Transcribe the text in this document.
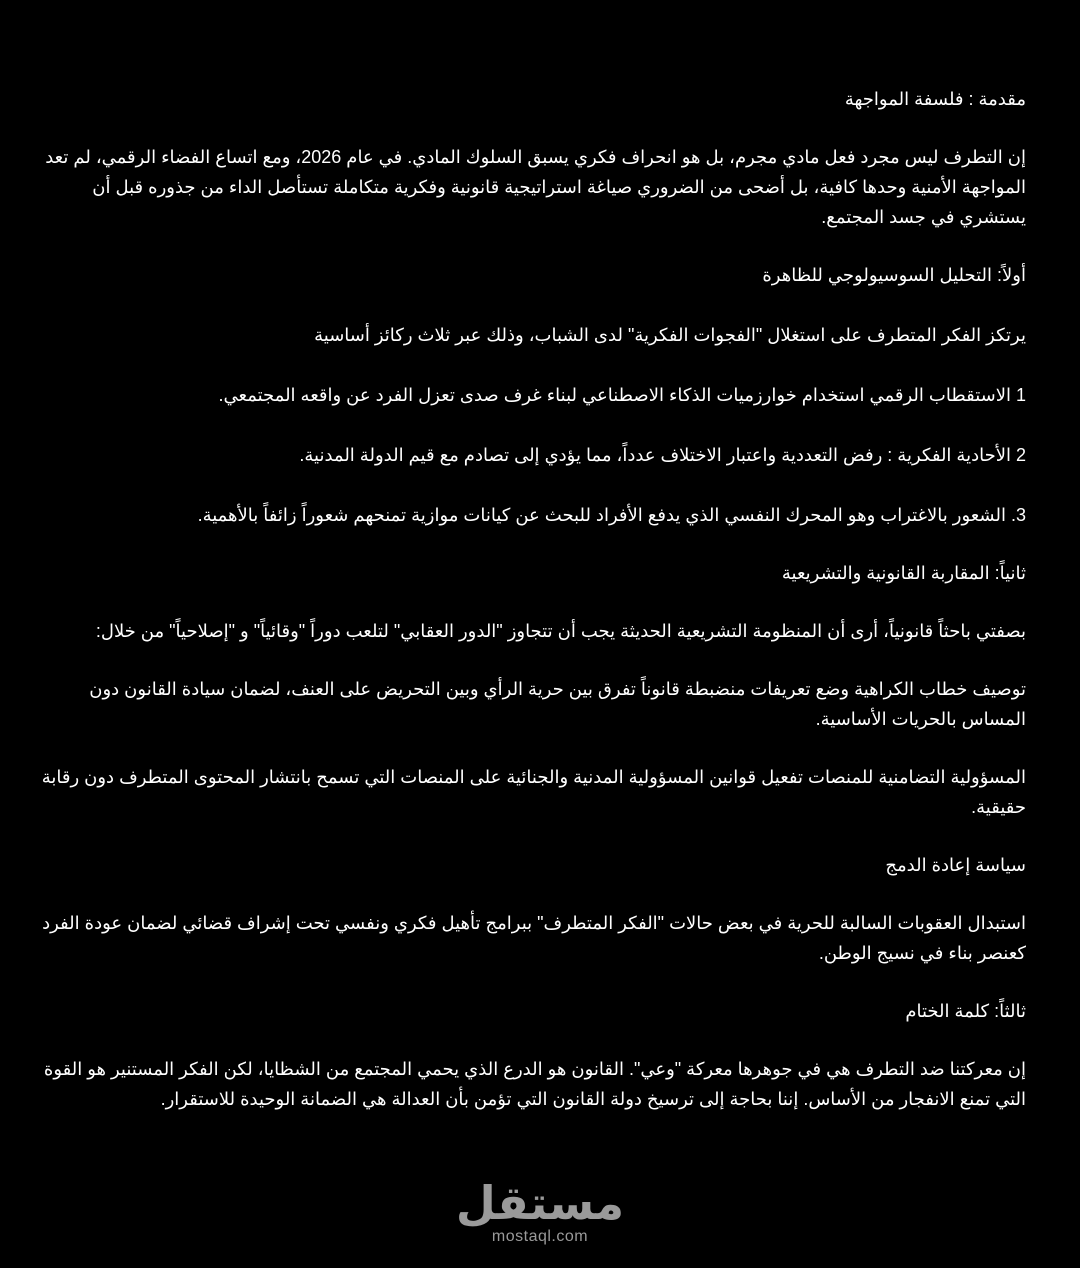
مقدمة : فلسفة المواجهة

إن التطرف ليس مجرد فعل مادي مجرم، بل هو انحراف فكري يسبق السلوك المادي. في عام 2026، ومع اتساع الفضاء الرقمي، لم تعد المواجهة الأمنية وحدها كافية، بل أضحى من الضروري صياغة استراتيجية قانونية وفكرية متكاملة تستأصل الداء من جذوره قبل أن يستشري في جسد المجتمع.

أولاً: التحليل السوسيولوجي للظاهرة

يرتكز الفكر المتطرف على استغلال "الفجوات الفكرية" لدى الشباب، وذلك عبر ثلاث ركائز أساسية

1 الاستقطاب الرقمي استخدام خوارزميات الذكاء الاصطناعي لبناء غرف صدى تعزل الفرد عن واقعه المجتمعي.

2 الأحادية الفكرية : رفض التعددية واعتبار الاختلاف عدداً، مما يؤدي إلى تصادم مع قيم الدولة المدنية.

3. الشعور بالاغتراب وهو المحرك النفسي الذي يدفع الأفراد للبحث عن كيانات موازية تمنحهم شعوراً زائفاً بالأهمية.

ثانياً: المقاربة القانونية والتشريعية

بصفتي باحثاً قانونياً، أرى أن المنظومة التشريعية الحديثة يجب أن تتجاوز "الدور العقابي" لتلعب دوراً "وقائياً" و "إصلاحياً" من خلال:

توصيف خطاب الكراهية وضع تعريفات منضبطة قانوناً تفرق بين حرية الرأي وبين التحريض على العنف، لضمان سيادة القانون دون المساس بالحريات الأساسية.

المسؤولية التضامنية للمنصات تفعيل قوانين المسؤولية المدنية والجنائية على المنصات التي تسمح بانتشار المحتوى المتطرف دون رقابة حقيقية.

سياسة إعادة الدمج

استبدال العقوبات السالبة للحرية في بعض حالات "الفكر المتطرف" ببرامج تأهيل فكري ونفسي تحت إشراف قضائي لضمان عودة الفرد كعنصر بناء في نسيج الوطن.

ثالثاً: كلمة الختام

إن معركتنا ضد التطرف هي في جوهرها معركة "وعي". القانون هو الدرع الذي يحمي المجتمع من الشظايا، لكن الفكر المستنير هو القوة التي تمنع الانفجار من الأساس. إننا بحاجة إلى ترسيخ دولة القانون التي تؤمن بأن العدالة هي الضمانة الوحيدة للاستقرار.

مستقل
mostaql.com
